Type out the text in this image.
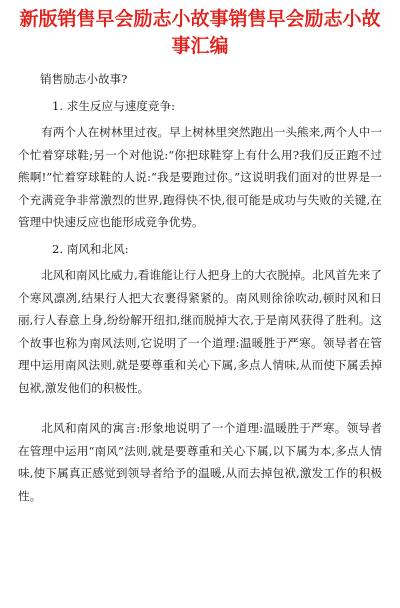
新版销售早会励志小故事销售早会励志小故事汇编

销售励志小故事?

1. 求生反应与速度竞争:

有两个人在树林里过夜。早上树林里突然跑出一头熊来,两个人中一个忙着穿球鞋;另一个对他说:“你把球鞋穿上有什么用?我们反正跑不过熊啊!”忙着穿球鞋的人说:“我是要跑过你。”这说明我们面对的世界是一个充满竞争非常激烈的世界,跑得快不快,很可能是成功与失败的关键,在管理中快速反应也能形成竞争优势。

2. 南风和北风:

北风和南风比威力,看谁能让行人把身上的大衣脱掉。北风首先来了个寒风凛冽,结果行人把大衣裹得紧紧的。南风则徐徐吹动,顿时风和日丽,行人春意上身,纷纷解开纽扣,继而脱掉大衣,于是南风获得了胜利。这个故事也称为南风法则,它说明了一个道理:温暖胜于严寒。领导者在管理中运用南风法则,就是要尊重和关心下属,多点人情味,从而使下属丢掉包袱,激发他们的积极性。

北风和南风的寓言:形象地说明了一个道理:温暖胜于严寒。领导者在管理中运用“南风”法则,就是要尊重和关心下属,以下属为本,多点人情味,使下属真正感觉到领导者给予的温暖,从而去掉包袱,激发工作的积极性。
